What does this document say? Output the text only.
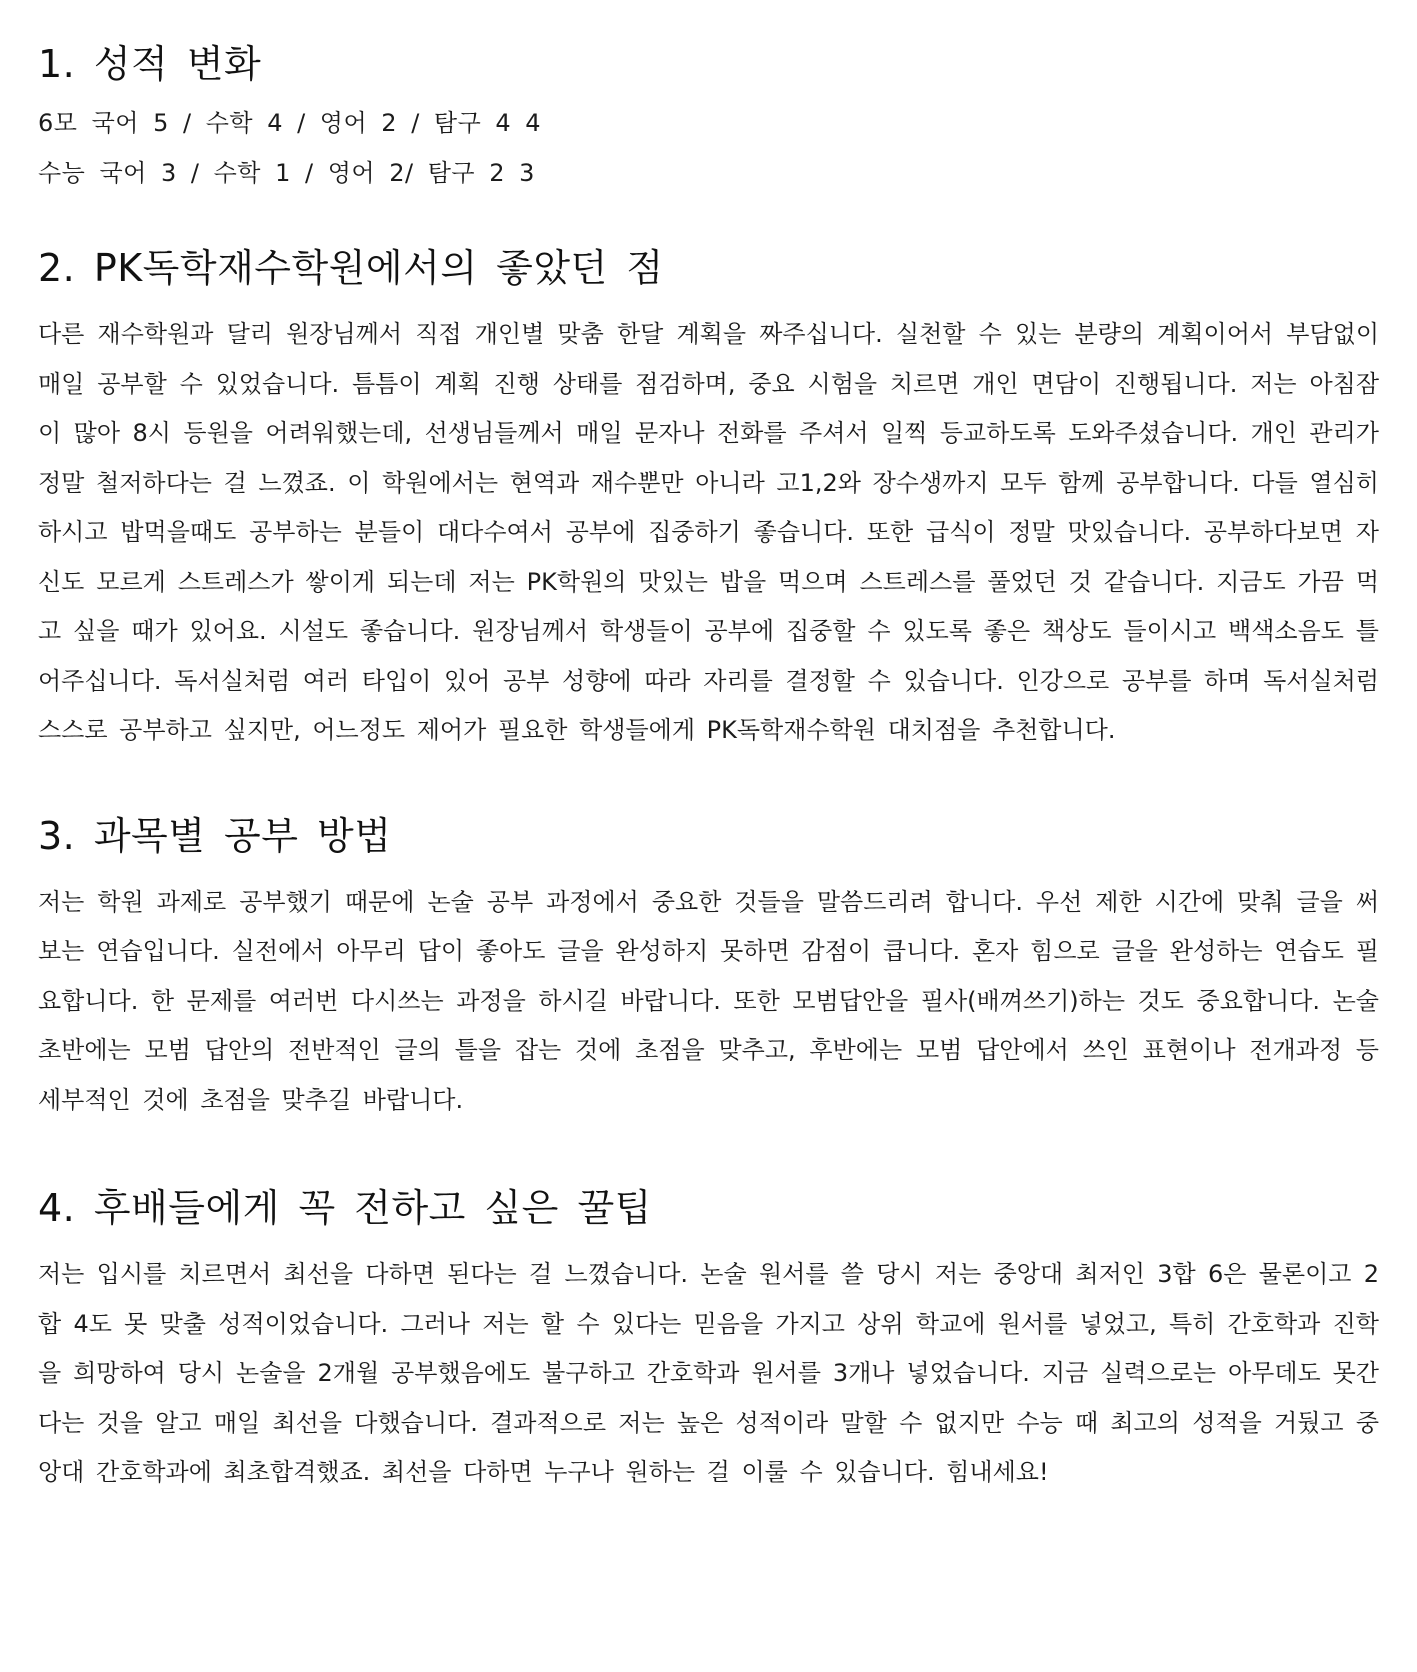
1. 성적 변화

6모 국어 5 / 수학 4 / 영어 2 / 탐구 4 4

수능 국어 3 / 수학 1 / 영어 2/ 탐구 2 3

2. PK독학재수학원에서의 좋았던 점

다른 재수학원과 달리 원장님께서 직접 개인별 맞춤 한달 계획을 짜주십니다. 실천할 수 있는 분량의 계획이어서 부담없이 매일 공부할 수 있었습니다. 틈틈이 계획 진행 상태를 점검하며, 중요 시험을 치르면 개인 면담이 진행됩니다. 저는 아침잠이 많아 8시 등원을 어려워했는데, 선생님들께서 매일 문자나 전화를 주셔서 일찍 등교하도록 도와주셨습니다. 개인 관리가 정말 철저하다는 걸 느꼈죠. 이 학원에서는 현역과 재수뿐만 아니라 고1,2와 장수생까지 모두 함께 공부합니다. 다들 열심히 하시고 밥먹을때도 공부하는 분들이 대다수여서 공부에 집중하기 좋습니다. 또한 급식이 정말 맛있습니다. 공부하다보면 자신도 모르게 스트레스가 쌓이게 되는데 저는 PK학원의 맛있는 밥을 먹으며 스트레스를 풀었던 것 같습니다. 지금도 가끔 먹고 싶을 때가 있어요. 시설도 좋습니다. 원장님께서 학생들이 공부에 집중할 수 있도록 좋은 책상도 들이시고 백색소음도 틀어주십니다. 독서실처럼 여러 타입이 있어 공부 성향에 따라 자리를 결정할 수 있습니다. 인강으로 공부를 하며 독서실처럼 스스로 공부하고 싶지만, 어느정도 제어가 필요한 학생들에게 PK독학재수학원 대치점을 추천합니다.

3. 과목별 공부 방법

저는 학원 과제로 공부했기 때문에 논술 공부 과정에서 중요한 것들을 말씀드리려 합니다. 우선 제한 시간에 맞춰 글을 써보는 연습입니다. 실전에서 아무리 답이 좋아도 글을 완성하지 못하면 감점이 큽니다. 혼자 힘으로 글을 완성하는 연습도 필요합니다. 한 문제를 여러번 다시쓰는 과정을 하시길 바랍니다. 또한 모범답안을 필사(배껴쓰기)하는 것도 중요합니다. 논술 초반에는 모범 답안의 전반적인 글의 틀을 잡는 것에 초점을 맞추고, 후반에는 모범 답안에서 쓰인 표현이나 전개과정 등 세부적인 것에 초점을 맞추길 바랍니다.

4. 후배들에게 꼭 전하고 싶은 꿀팁

저는 입시를 치르면서 최선을 다하면 된다는 걸 느꼈습니다. 논술 원서를 쓸 당시 저는 중앙대 최저인 3합 6은 물론이고 2합 4도 못 맞출 성적이었습니다. 그러나 저는 할 수 있다는 믿음을 가지고 상위 학교에 원서를 넣었고, 특히 간호학과 진학을 희망하여 당시 논술을 2개월 공부했음에도 불구하고 간호학과 원서를 3개나 넣었습니다. 지금 실력으로는 아무데도 못간다는 것을 알고 매일 최선을 다했습니다. 결과적으로 저는 높은 성적이라 말할 수 없지만 수능 때 최고의 성적을 거뒀고 중앙대 간호학과에 최초합격했죠. 최선을 다하면 누구나 원하는 걸 이룰 수 있습니다. 힘내세요!
